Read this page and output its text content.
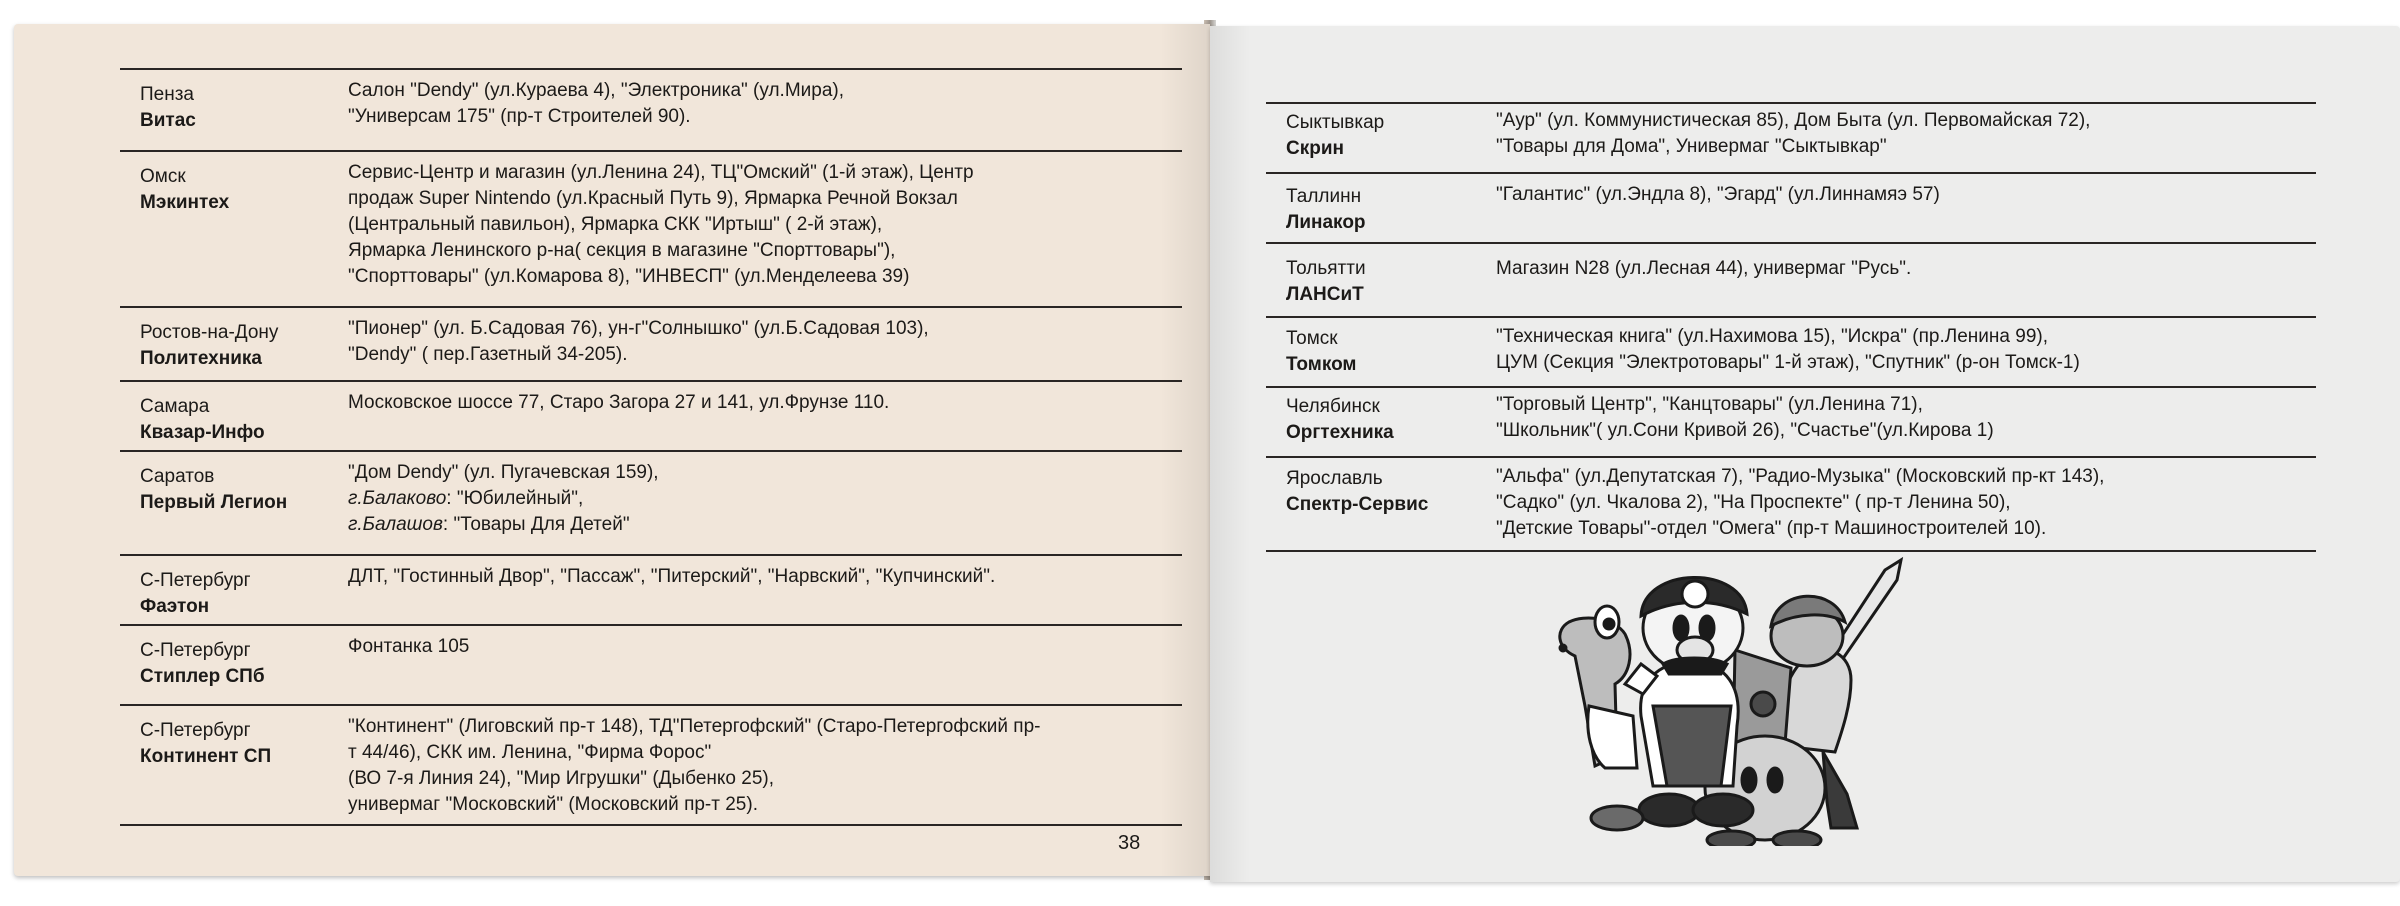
Пенза
Витас
Салон "Dendy" (ул.Кураева 4), "Электроника" (ул.Мира),
"Универсам 175" (пр-т Строителей 90).
Омск
Мэкинтех
Сервис-Центр и магазин (ул.Ленина 24), ТЦ"Омский" (1-й этаж), Центр
продаж Super Nintendo (ул.Красный Путь 9), Ярмарка Речной Вокзал
(Центральный павильон), Ярмарка СКК "Иртыш" ( 2-й этаж),
Ярмарка Ленинского р-на( секция в магазине "Спорттовары"),
"Спорттовары" (ул.Комарова 8), "ИНВЕСП" (ул.Менделеева 39)
Ростов-на-Дону
Политехника
"Пионер" (ул. Б.Садовая 76), ун-г"Солнышко" (ул.Б.Садовая 103),
"Dendy" ( пер.Газетный 34-205).
Самара
Квазар-Инфо
Московское шоссе 77, Старо Загора 27 и 141, ул.Фрунзе 110.
Саратов
Первый Легион
"Дом Dendy" (ул. Пугачевская 159),
г.Балаково: "Юбилейный",
г.Балашов: "Товары Для Детей"
С-Петербург
Фаэтон
ДЛТ, "Гостинный Двор", "Пассаж", "Питерский", "Нарвский", "Купчинский".
С-Петербург
Стиплер СПб
Фонтанка 105
С-Петербург
Континент СП
"Континент" (Лиговский пр-т 148), ТД"Петергофский" (Старо-Петергофский пр-
т 44/46), СКК им. Ленина, "Фирма Форос"
(ВО 7-я Линия 24), "Мир Игрушки" (Дыбенко 25),
универмаг "Московский" (Московский пр-т 25).
38
Сыктывкар
Скрин
"Аур" (ул. Коммунистическая 85), Дом Быта (ул. Первомайская 72),
"Товары для Дома", Универмаг "Сыктывкар"
Таллинн
Линакор
"Галантис" (ул.Эндла 8), "Эгард" (ул.Линнамяэ 57)
Тольятти
ЛАНСиТ
Магазин N28 (ул.Лесная 44), универмаг "Русь".
Томск
Томком
"Техническая книга" (ул.Нахимова 15), "Искра" (пр.Ленина 99),
ЦУМ (Секция "Электротовары" 1-й этаж), "Спутник" (р-он Томск-1)
Челябинск
Оргтехника
"Торговый Центр", "Канцтовары" (ул.Ленина 71),
"Школьник"( ул.Сони Кривой 26), "Счастье"(ул.Кирова 1)
Ярославль
Спектр-Сервис
"Альфа" (ул.Депутатская 7), "Радио-Музыка" (Московский пр-кт 143),
"Садко" (ул. Чкалова 2), "На Проспекте" ( пр-т Ленина 50),
"Детские Товары"-отдел "Омега" (пр-т Машиностроителей 10).
